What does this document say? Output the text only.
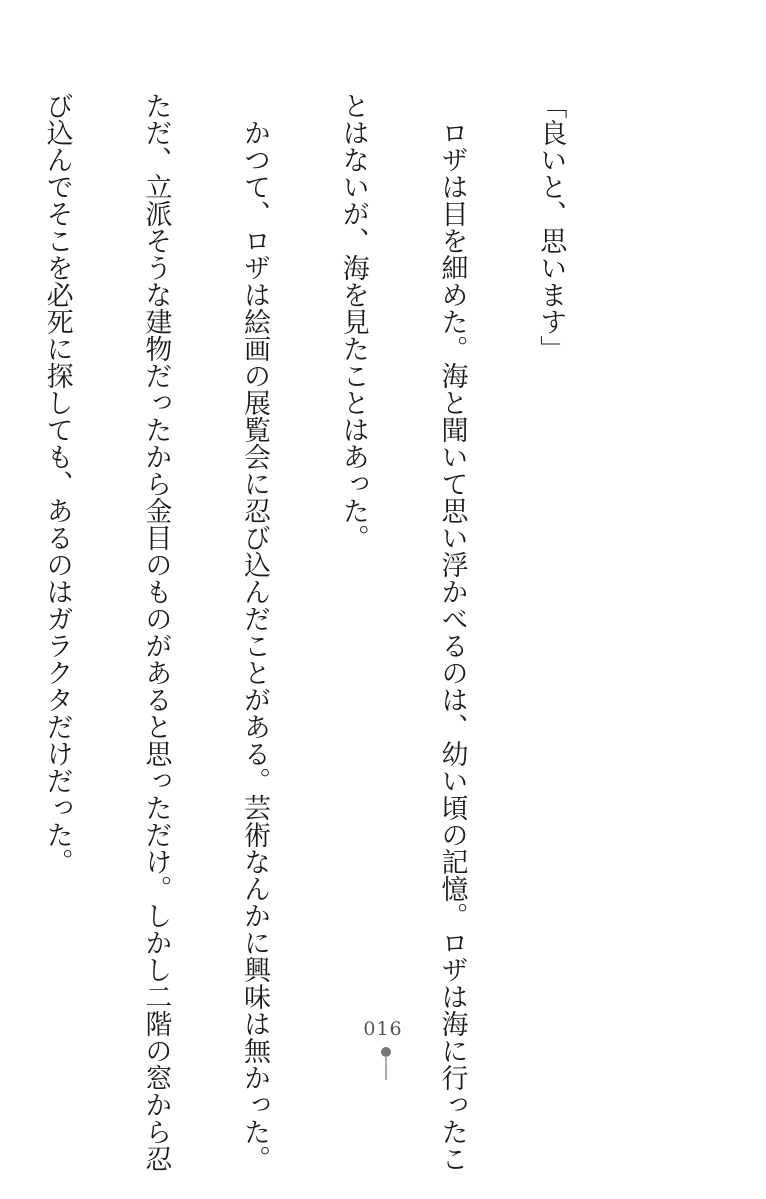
「良いと、思います」

　ロザは目を細めた。海と聞いて思い浮かべるのは、幼い頃の記憶。ロザは海に行ったこ

とはないが、海を見たことはあった。

　かつて、ロザは絵画の展覧会に忍び込んだことがある。芸術なんかに興味は無かった。

ただ、立派そうな建物だったから金目のものがあると思っただけ。しかし二階の窓から忍

び込んでそこを必死に探しても、あるのはガラクタだけだった。

016
